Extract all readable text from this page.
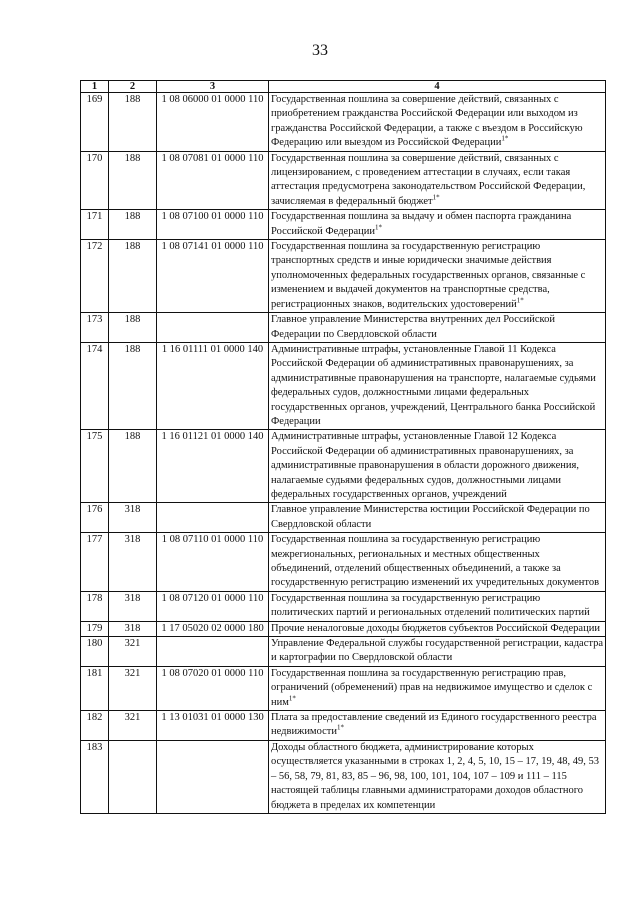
33
1	2	3	4
169	188	1 08 06000 01 0000 110	Государственная пошлина за совершение действий, связанных с приобретением гражданства Российской Федерации или выходом из гражданства Российской Федерации, а также с въездом в Российскую Федерацию или выездом из Российской Федерации$^{1*}$
170	188	1 08 07081 01 0000 110	Государственная пошлина за совершение действий, связанных с лицензированием, с проведением аттестации в случаях, если такая аттестация предусмотрена законодательством Российской Федерации, зачисляемая в федеральный бюджет$^{1*}$
171	188	1 08 07100 01 0000 110	Государственная пошлина за выдачу и обмен паспорта гражданина Российской Федерации$^{1*}$
172	188	1 08 07141 01 0000 110	Государственная пошлина за государственную регистрацию транспортных средств и иные юридически значимые действия уполномоченных федеральных государственных органов, связанные с изменением и выдачей документов на транспортные средства, регистрационных знаков, водительских удостоверений$^{1*}$
173	188		Главное управление Министерства внутренних дел Российской Федерации по Свердловской области
174	188	1 16 01111 01 0000 140	Административные штрафы, установленные Главой 11 Кодекса Российской Федерации об административных правонарушениях, за административные правонарушения на транспорте, налагаемые судьями федеральных судов, должностными лицами федеральных государственных органов, учреждений, Центрального банка Российской Федерации
175	188	1 16 01121 01 0000 140	Административные штрафы, установленные Главой 12 Кодекса Российской Федерации об административных правонарушениях, за административные правонарушения в области дорожного движения, налагаемые судьями федеральных судов, должностными лицами федеральных государственных органов, учреждений
176	318		Главное управление Министерства юстиции Российской Федерации по Свердловской области
177	318	1 08 07110 01 0000 110	Государственная пошлина за государственную регистрацию межрегиональных, региональных и местных общественных объединений, отделений общественных объединений, а также за государственную регистрацию изменений их учредительных документов
178	318	1 08 07120 01 0000 110	Государственная пошлина за государственную регистрацию политических партий и региональных отделений политических партий
179	318	1 17 05020 02 0000 180	Прочие неналоговые доходы бюджетов субъектов Российской Федерации
180	321		Управление Федеральной службы государственной регистрации, кадастра и картографии по Свердловской области
181	321	1 08 07020 01 0000 110	Государственная пошлина за государственную регистрацию прав, ограничений (обременений) прав на недвижимое имущество и сделок с ним$^{1*}$
182	321	1 13 01031 01 0000 130	Плата за предоставление сведений из Единого государственного реестра недвижимости$^{1*}$
183			Доходы областного бюджета, администрирование которых осуществляется указанными в строках 1, 2, 4, 5, 10, 15 – 17, 19, 48, 49, 53 – 56, 58, 79, 81, 83, 85 – 96, 98, 100, 101, 104, 107 – 109 и 111 – 115 настоящей таблицы главными администраторами доходов областного бюджета в пределах их компетенции
